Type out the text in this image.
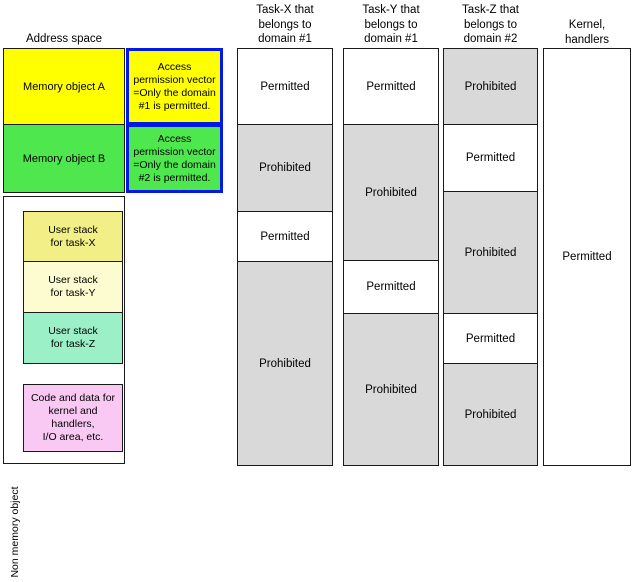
Address space
Memory object A
Memory object B
Access
permission vector
=Only the domain
#1 is permitted.
Access
permission vector
=Only the domain
#2 is permitted.
Non memory object
User stack
for task-X
User stack
for task-Y
User stack
for task-Z
Code and data for
kernel and
handlers,
I/O area, etc.
Task-X that
belongs to
domain #1
Task-Y that
belongs to
domain #1
Task-Z that
belongs to
domain #2
Kernel,
handlers
Permitted
Prohibited
Permitted
Prohibited
Permitted
Prohibited
Permitted
Prohibited
Prohibited
Permitted
Prohibited
Permitted
Prohibited
Permitted
